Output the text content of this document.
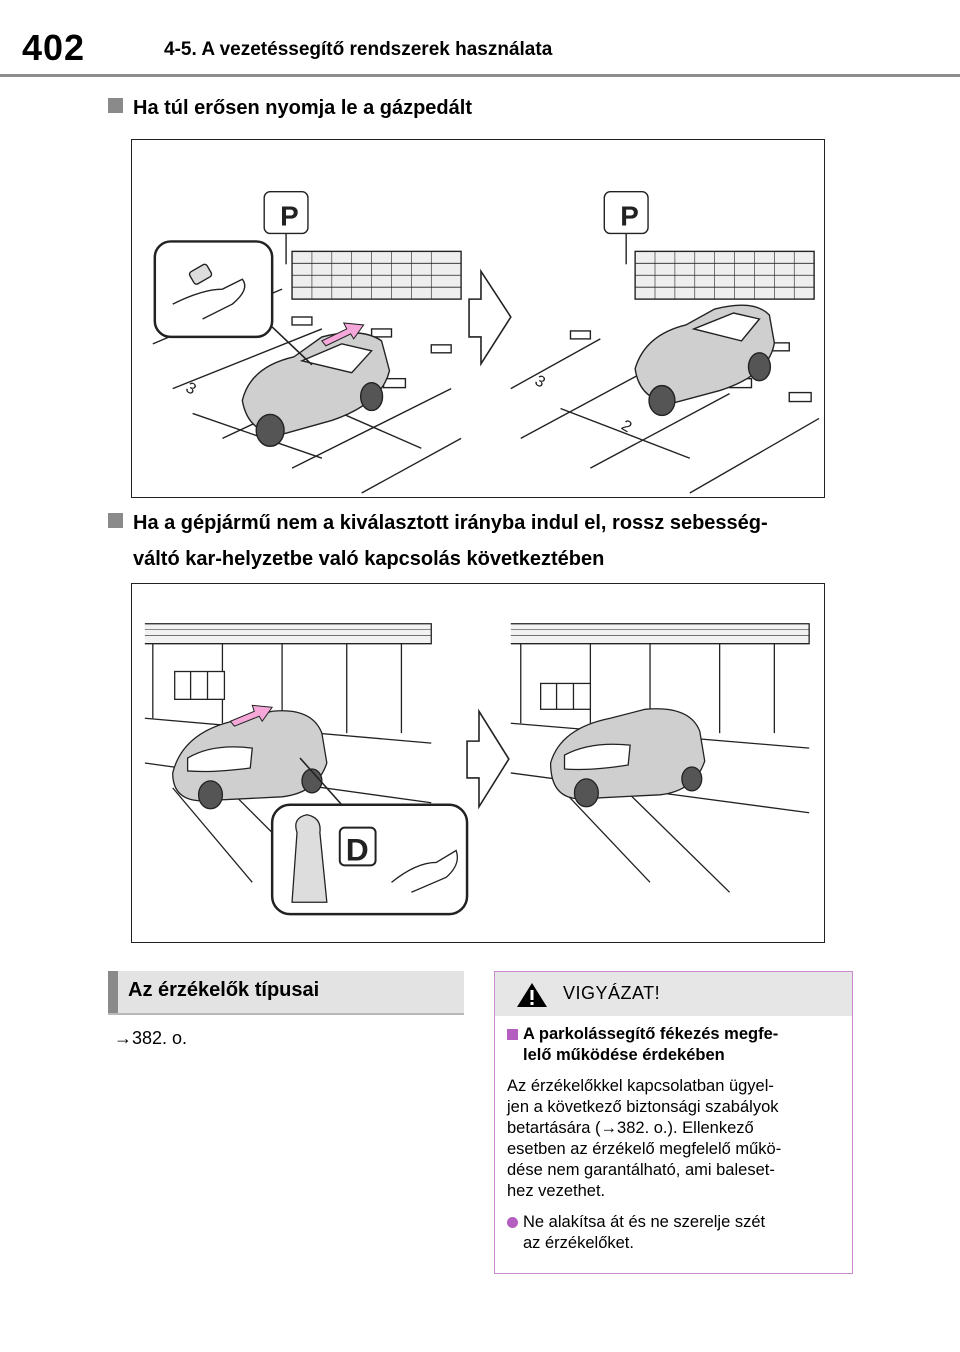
402	4-5. A vezetéssegítő rendszerek használata
Ha túl erősen nyomja le a gázpedált
P	P
3	3
2
Ha a gépjármű nem a kiválasztott irányba indul el, rossz sebesség-
váltó kar-helyzetbe való kapcsolás következtében
D
Az érzékelők típusai
→382. o.
VIGYÁZAT!
A parkolássegítő fékezés megfe-
lelő működése érdekében
Az érzékelőkkel kapcsolatban ügyel-
jen a következő biztonsági szabályok
betartására (→382. o.). Ellenkező
esetben az érzékelő megfelelő műkö-
dése nem garantálható, ami baleset-
hez vezethet.
Ne alakítsa át és ne szerelje szét
az érzékelőket.
